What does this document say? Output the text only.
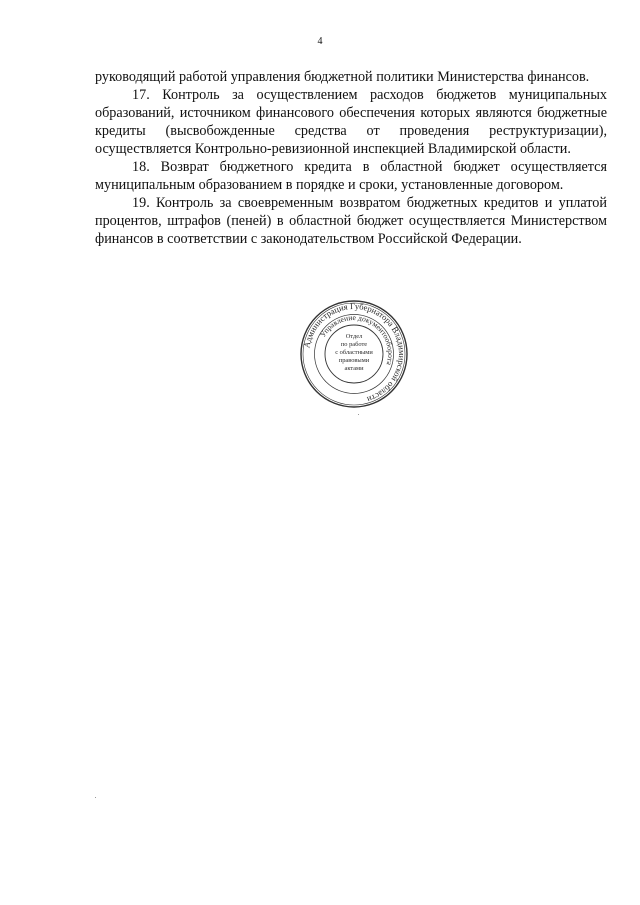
4

руководящий работой управления бюджетной политики Министерства финансов.

17. Контроль за осуществлением расходов бюджетов муниципальных образований, источником финансового обеспечения которых являются бюджетные кредиты (высвобожденные средства от проведения реструктуризации), осуществляется Контрольно-ревизионной инспекцией Владимирской области.

18. Возврат бюджетного кредита в областной бюджет осуществляется муниципальным образованием в порядке и сроки, установленные договором.

19. Контроль за своевременным возвратом бюджетных кредитов и уплатой процентов, штрафов (пеней) в областной бюджет осуществляется Министерством финансов в соответствии с законодательством Российской Федерации.

Администрация Губернатора Владимирской области
Управление документооборота
Отдел
по работе
с областными
правовыми
актами
